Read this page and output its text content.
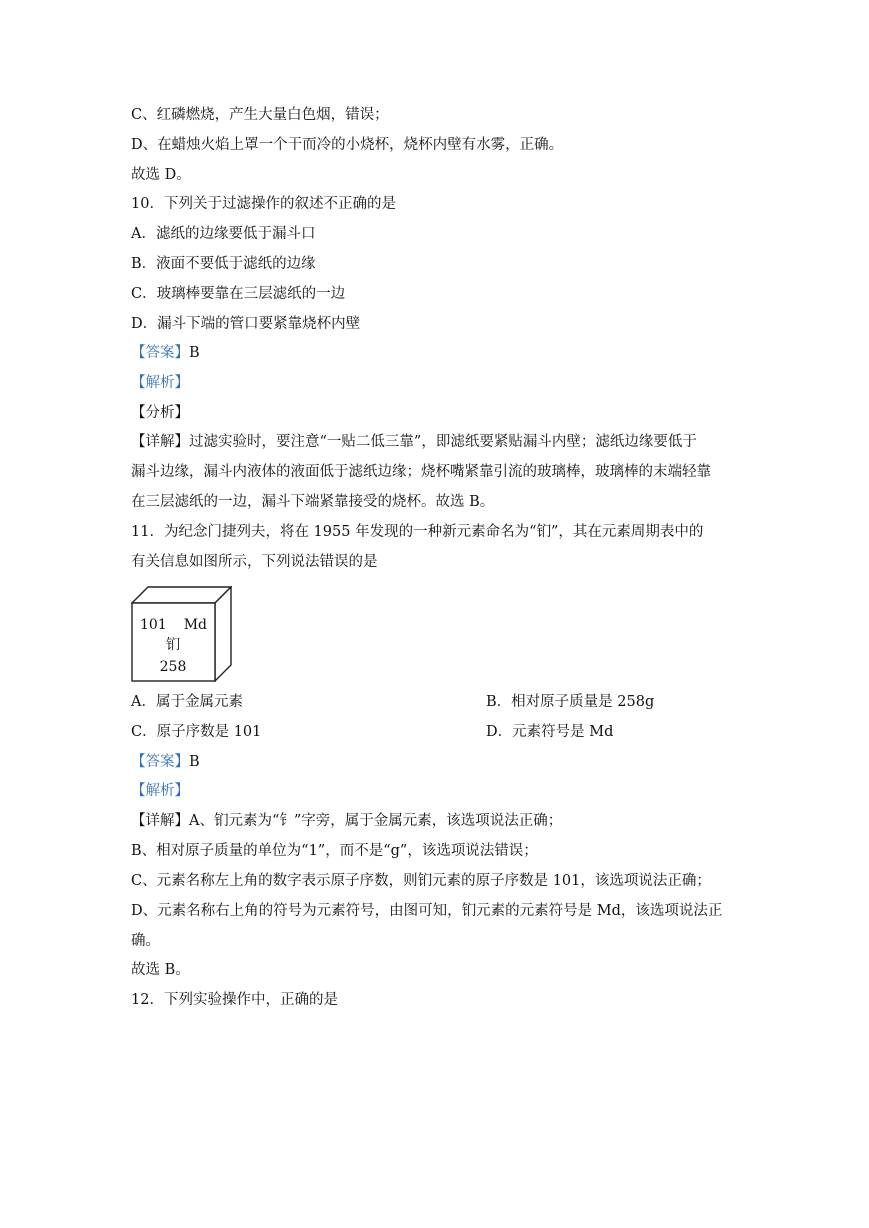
C、红磷燃烧，产生大量白色烟，错误；
D、在蜡烛火焰上罩一个干而冷的小烧杯，烧杯内壁有水雾，正确。
故选 D。
10．下列关于过滤操作的叙述不正确的是
A．滤纸的边缘要低于漏斗口
B．液面不要低于滤纸的边缘
C．玻璃棒要靠在三层滤纸的一边
D．漏斗下端的管口要紧靠烧杯内壁
【答案】B
【解析】
【分析】
【详解】过滤实验时，要注意“一贴二低三靠”，即滤纸要紧贴漏斗内壁；滤纸边缘要低于
漏斗边缘，漏斗内液体的液面低于滤纸边缘；烧杯嘴紧靠引流的玻璃棒，玻璃棒的末端轻靠
在三层滤纸的一边，漏斗下端紧靠接受的烧杯。故选 B。
11．为纪念门捷列夫，将在 1955 年发现的一种新元素命名为“钔”，其在元素周期表中的
有关信息如图所示，下列说法错误的是
101 Md
钔
258
A．属于金属元素	B．相对原子质量是 258g
C．原子序数是 101	D．元素符号是 Md
【答案】B
【解析】
【详解】A、钔元素为“钅”字旁，属于金属元素，该选项说法正确；
B、相对原子质量的单位为“1”，而不是“g”，该选项说法错误；
C、元素名称左上角的数字表示原子序数，则钔元素的原子序数是 101，该选项说法正确；
D、元素名称右上角的符号为元素符号，由图可知，钔元素的元素符号是 Md，该选项说法正
确。
故选 B。
12．下列实验操作中，正确的是
